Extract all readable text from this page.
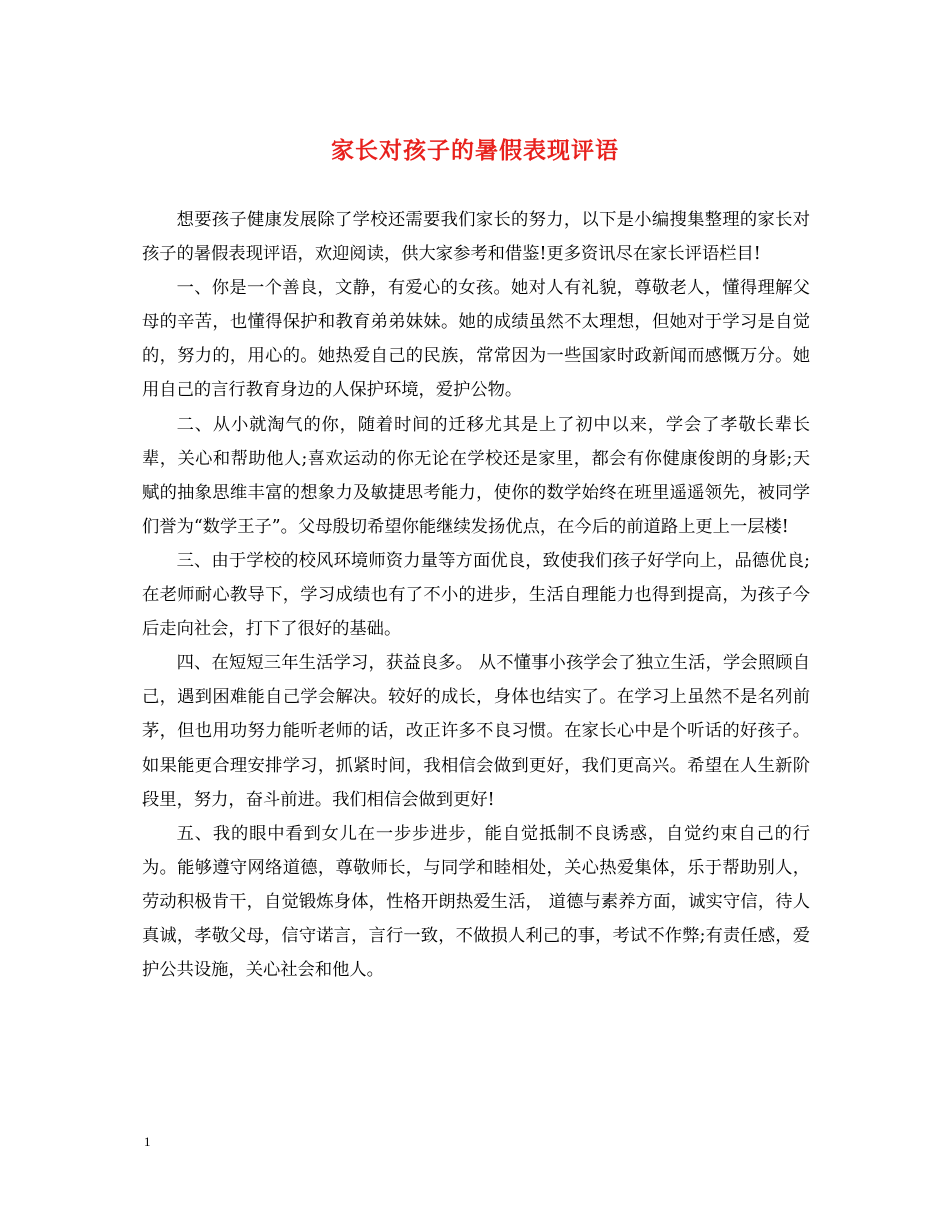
家长对孩子的暑假表现评语

想要孩子健康发展除了学校还需要我们家长的努力，以下是小编搜集整理的家长对孩子的暑假表现评语，欢迎阅读，供大家参考和借鉴!更多资讯尽在家长评语栏目!

一、你是一个善良，文静，有爱心的女孩。她对人有礼貌，尊敬老人，懂得理解父母的辛苦，也懂得保护和教育弟弟妹妹。她的成绩虽然不太理想，但她对于学习是自觉的，努力的，用心的。她热爱自己的民族，常常因为一些国家时政新闻而感慨万分。她用自己的言行教育身边的人保护环境，爱护公物。

二、从小就淘气的你，随着时间的迁移尤其是上了初中以来，学会了孝敬长辈长辈，关心和帮助他人;喜欢运动的你无论在学校还是家里，都会有你健康俊朗的身影;天赋的抽象思维丰富的想象力及敏捷思考能力，使你的数学始终在班里遥遥领先，被同学们誉为“数学王子”。父母殷切希望你能继续发扬优点，在今后的前道路上更上一层楼!

三、由于学校的校风环境师资力量等方面优良，致使我们孩子好学向上，品德优良;在老师耐心教导下，学习成绩也有了不小的进步，生活自理能力也得到提高，为孩子今后走向社会，打下了很好的基础。

四、在短短三年生活学习，获益良多。 从不懂事小孩学会了独立生活，学会照顾自己，遇到困难能自己学会解决。较好的成长，身体也结实了。在学习上虽然不是名列前茅，但也用功努力能听老师的话，改正许多不良习惯。在家长心中是个听话的好孩子。如果能更合理安排学习，抓紧时间，我相信会做到更好，我们更高兴。希望在人生新阶段里，努力，奋斗前进。我们相信会做到更好!

五、我的眼中看到女儿在一步步进步，能自觉抵制不良诱惑，自觉约束自己的行为。能够遵守网络道德，尊敬师长，与同学和睦相处，关心热爱集体，乐于帮助别人，劳动积极肯干，自觉锻炼身体，性格开朗热爱生活， 道德与素养方面，诚实守信，待人真诚，孝敬父母，信守诺言，言行一致，不做损人利己的事，考试不作弊;有责任感，爱护公共设施，关心社会和他人。

1
